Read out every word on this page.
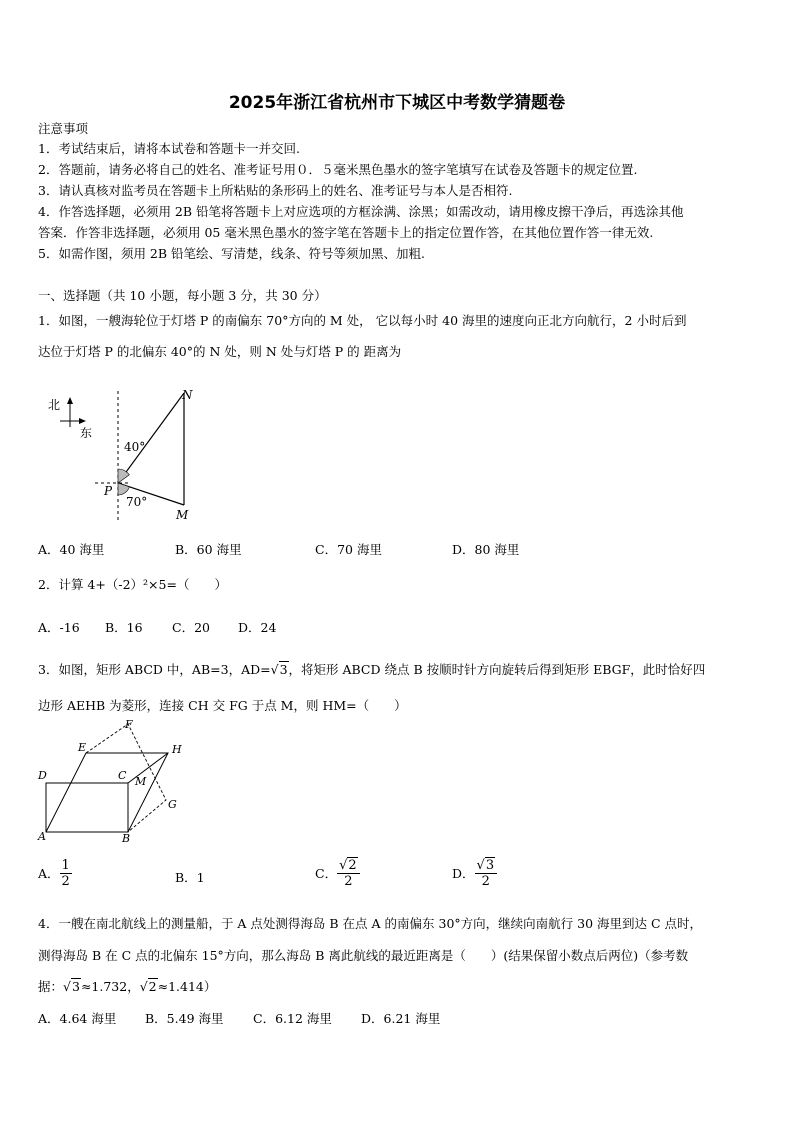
2025年浙江省杭州市下城区中考数学猜题卷
注意事项
1．考试结束后，请将本试卷和答题卡一并交回.
2．答题前，请务必将自己的姓名、准考证号用０．５毫米黑色墨水的签字笔填写在试卷及答题卡的规定位置.
3．请认真核对监考员在答题卡上所粘贴的条形码上的姓名、准考证号与本人是否相符.
4．作答选择题，必须用 2B 铅笔将答题卡上对应选项的方框涂满、涂黑；如需改动，请用橡皮擦干净后，再选涂其他
答案．作答非选择题，必须用 05 毫米黑色墨水的签字笔在答题卡上的指定位置作答，在其他位置作答一律无效.
5．如需作图，须用 2B 铅笔绘、写清楚，线条、符号等须加黑、加粗.
一、选择题（共 10 小题，每小题 3 分，共 30 分）
1．如图，一艘海轮位于灯塔 P 的南偏东 70°方向的 M 处， 它以每小时 40 海里的速度向正北方向航行，2 小时后到
达位于灯塔 P 的北偏东 40°的 N 处，则 N 处与灯塔 P 的 距离为
北
东
N
P
M
40°
70°
A．40 海里	B．60 海里	C．70 海里	D．80 海里
2．计算 4+（-2）²×5=（　　）
A．-16 B．16 C．20 D．24
3．如图，矩形 ABCD 中，AB=3，AD=√3，将矩形 ABCD 绕点 B 按顺时针方向旋转后得到矩形 EBGF，此时恰好四
边形 AEHB 为菱形，连接 CH 交 FG 于点 M，则 HM=（　　）
D
A
C
B
E
F
H
G
M
A． $\frac{1}{2}$	B．1	C． $\frac{√2}{2}$	D． $\frac{√3}{2}$
4．一艘在南北航线上的测量船，于 A 点处测得海岛 B 在点 A 的南偏东 30°方向，继续向南航行 30 海里到达 C 点时，
测得海岛 B 在 C 点的北偏东 15°方向，那么海岛 B 离此航线的最近距离是（　　）(结果保留小数点后两位)（参考数
据：√3≈1.732，√2≈1.414）
A．4.64 海里 B．5.49 海里 C．6.12 海里 D．6.21 海里
